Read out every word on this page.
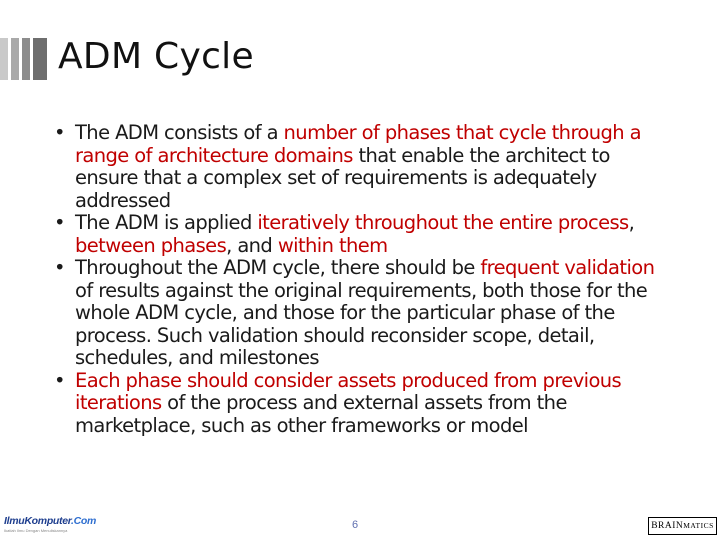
ADM Cycle
• The ADM consists of a number of phases that cycle through a range of architecture domains that enable the architect to ensure that a complex set of requirements is adequately addressed
• The ADM is applied iteratively throughout the entire process, between phases, and within them
• Throughout the ADM cycle, there should be frequent validation of results against the original requirements, both those for the whole ADM cycle, and those for the particular phase of the process. Such validation should reconsider scope, detail, schedules, and milestones
• Each phase should consider assets produced from previous iterations of the process and external assets from the marketplace, such as other frameworks or model
IlmuKomputer.Com
Ikatlah Ilmu Dengan Menuliskannya	6	BRAINMATICS
